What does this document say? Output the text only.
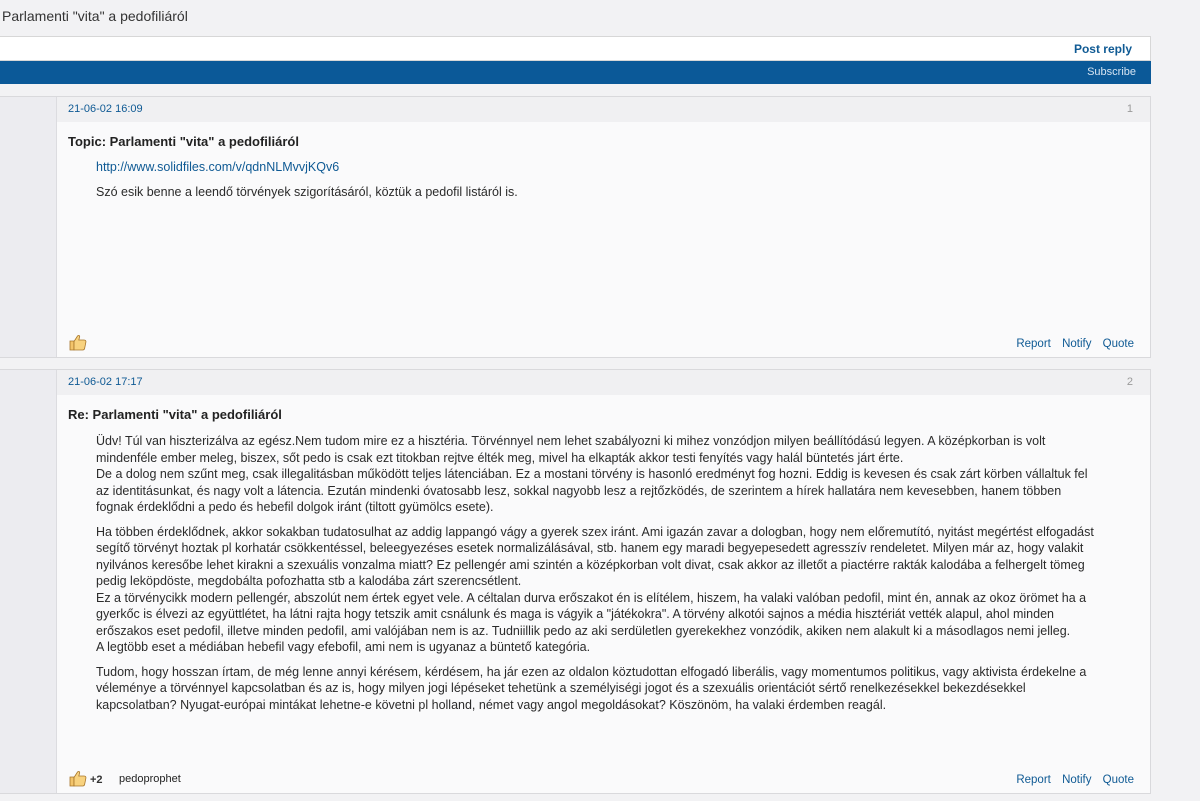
Parlamenti "vita" a pedofiliáról
Post reply
Subscribe
21-06-02 16:09	1
Topic: Parlamenti "vita" a pedofiliáról

http://www.solidfiles.com/v/qdnNLMvvjKQv6

Szó esik benne a leendő törvények szigorításáról, köztük a pedofil listáról is.

Report Notify Quote
21-06-02 17:17	2
Re: Parlamenti "vita" a pedofiliáról

Üdv! Túl van hiszterizálva az egész.Nem tudom mire ez a hisztéria. Törvénnyel nem lehet szabályozni ki mihez vonzódjon milyen beállítódású legyen. A középkorban is volt mindenféle ember meleg, biszex, sőt pedo is csak ezt titokban rejtve élték meg, mivel ha elkapták akkor testi fenyítés vagy halál büntetés járt érte.
De a dolog nem szűnt meg, csak illegalitásban működött teljes látenciában. Ez a mostani törvény is hasonló eredményt fog hozni. Eddig is kevesen és csak zárt körben vállaltuk fel az identitásunkat, és nagy volt a látencia. Ezután mindenki óvatosabb lesz, sokkal nagyobb lesz a rejtőzködés, de szerintem a hírek hallatára nem kevesebben, hanem többen fognak érdeklődni a pedo és hebefil dolgok iránt (tiltott gyümölcs esete).

Ha többen érdeklődnek, akkor sokakban tudatosulhat az addig lappangó vágy a gyerek szex iránt. Ami igazán zavar a dologban, hogy nem előremutító, nyitást megértést elfogadást segítő törvényt hoztak pl korhatár csökkentéssel, beleegyezéses esetek normalizálásával, stb. hanem egy maradi begyepesedett agresszív rendeletet. Milyen már az, hogy valakit nyilvános keresőbe lehet kirakni a szexuális vonzalma miatt? Ez pellengér ami szintén a középkorban volt divat, csak akkor az illetőt a piactérre rakták kalodába a felhergelt tömeg pedig leköpdöste, megdobálta pofozhatta stb a kalodába zárt szerencsétlent.
Ez a törvénycikk modern pellengér, abszolút nem értek egyet vele. A céltalan durva erőszakot én is elítélem, hiszem, ha valaki valóban pedofil, mint én, annak az okoz örömet ha a gyerkőc is élvezi az együttlétet, ha látni rajta hogy tetszik amit csnálunk és maga is vágyik a "játékokra". A törvény alkotói sajnos a média hisztériát vették alapul, ahol minden erőszakos eset pedofil, illetve minden pedofil, ami valójában nem is az. Tudniillik pedo az aki serdületlen gyerekekhez vonzódik, akiken nem alakult ki a másodlagos nemi jelleg.
A legtöbb eset a médiában hebefil vagy efebofil, ami nem is ugyanaz a büntető kategória.

Tudom, hogy hosszan írtam, de még lenne annyi kérésem, kérdésem, ha jár ezen az oldalon köztudottan elfogadó liberális, vagy momentumos politikus, vagy aktivista érdekelne a véleménye a törvénnyel kapcsolatban és az is, hogy milyen jogi lépéseket tehetünk a személyiségi jogot és a szexuális orientációt sértő renelkezésekkel bekezdésekkel kapcsolatban? Nyugat-európai mintákat lehetne-e követni pl holland, német vagy angol megoldásokat? Köszönöm, ha valaki érdemben reagál.

+2 pedoprophet	Report Notify Quote
